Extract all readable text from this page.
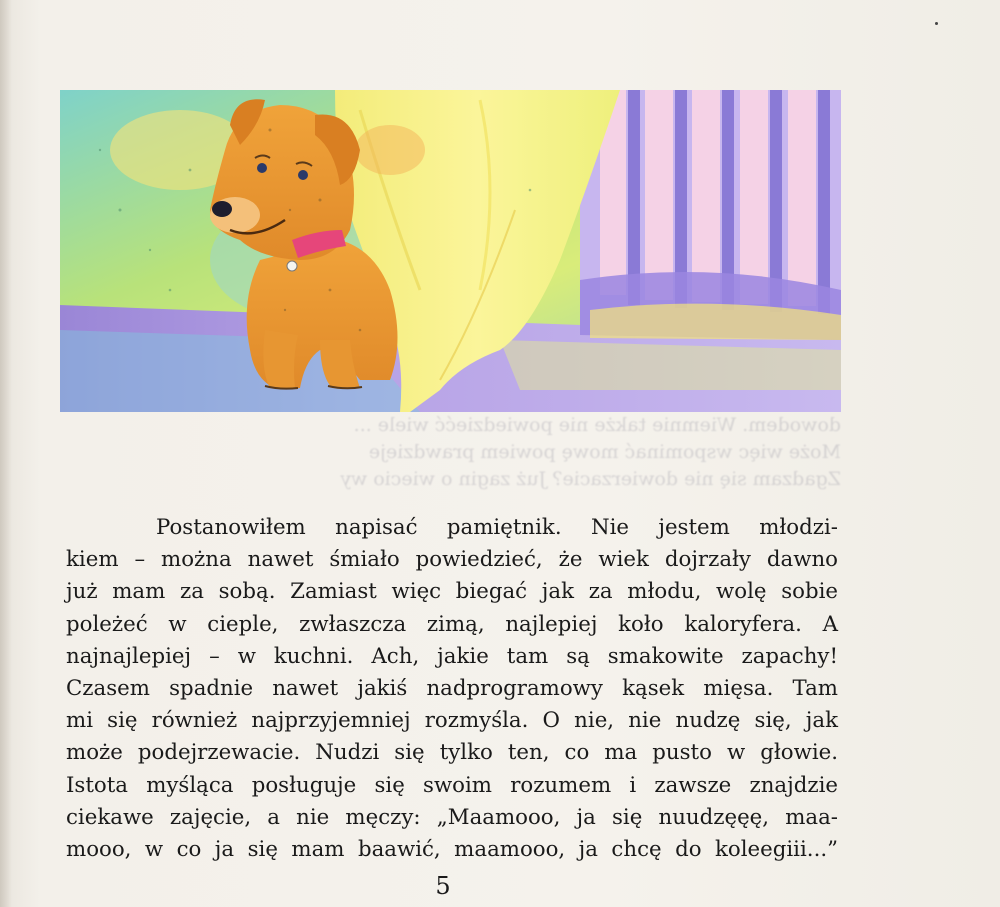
dowodem. Wiemnie także nie powiedziećć wiele ...
Może więc wspominać mowę powiem prawdzieje
Zgadzam się nie dowierzacie? Już zagin o wiecio wy
Postanowiłem napisać pamiętnik. Nie jestem młodzi-
kiem – można nawet śmiało powiedzieć, że wiek dojrzały dawno
już mam za sobą. Zamiast więc biegać jak za młodu, wolę sobie
poleżeć w cieple, zwłaszcza zimą, najlepiej koło kaloryfera. A
najnajlepiej – w kuchni. Ach, jakie tam są smakowite zapachy!
Czasem spadnie nawet jakiś nadprogramowy kąsek mięsa. Tam
mi się również najprzyjemniej rozmyśla. O nie, nie nudzę się, jak
może podejrzewacie. Nudzi się tylko ten, co ma pusto w głowie.
Istota myśląca posługuje się swoim rozumem i zawsze znajdzie
ciekawe zajęcie, a nie męczy: „Maamooo, ja się nuudzęęę, maa-
mooo, w co ja się mam baawić, maamooo, ja chcę do koleegiii...”
5
